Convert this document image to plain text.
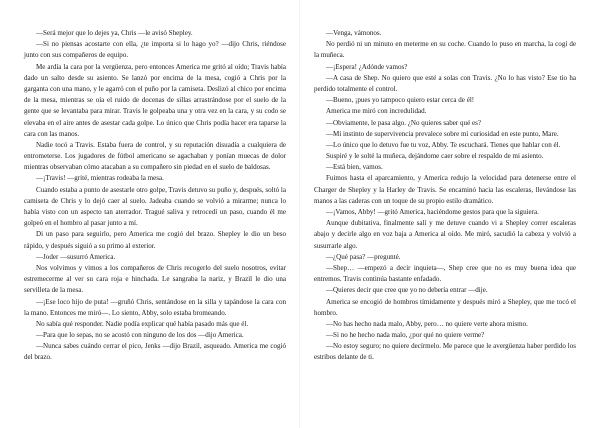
—Será mejor que lo dejes ya, Chris —le avisó Shepley.

—Si no piensas acostarte con ella, ¿te importa si lo hago yo? —dijo Chris, riéndose junto con sus compañeros de equipo.

Me ardía la cara por la vergüenza, pero entonces America me gritó al oído; Travis había dado un salto desde su asiento. Se lanzó por encima de la mesa, cogió a Chris por la garganta con una mano, y le agarró con el puño por la camiseta. Deslizó al chico por encima de la mesa, mientras se oía el ruido de docenas de sillas arrastrándose por el suelo de la gente que se levantaba para mirar. Travis le golpeaba una y otra vez en la cara, y su codo se elevaba en el aire antes de asestar cada golpe. Lo único que Chris podía hacer era taparse la cara con las manos.

Nadie tocó a Travis. Estaba fuera de control, y su reputación disuadía a cualquiera de entrometerse. Los jugadores de fútbol americano se agachaban y ponían muecas de dolor mientras observaban cómo atacaban a su compañero sin piedad en el suelo de baldosas.

—¡Travis! —grité, mientras rodeaba la mesa.

Cuando estaba a punto de asestarle otro golpe, Travis detuvo su puño y, después, soltó la camiseta de Chris y lo dejó caer al suelo. Jadeaba cuando se volvió a mirarme; nunca lo había visto con un aspecto tan aterrador. Tragué saliva y retrocedí un paso, cuando él me golpeó en el hombro al pasar junto a mí.

Di un paso para seguirlo, pero America me cogió del brazo. Shepley le dio un beso rápido, y después siguió a su primo al exterior.

—Joder —susurró America.

Nos volvimos y vimos a los compañeros de Chris recogerlo del suelo nosotros, evitar estremecerme al ver su cara roja e hinchada. Le sangraba la nariz, y Brazil le dio una servilleta de la mesa.

—¡Ese loco hijo de puta! —gruñó Chris, sentándose en la silla y tapándose la cara con la mano. Entonces me miró—. Lo siento, Abby, solo estaba bromeando.

No sabía qué responder. Nadie podía explicar qué había pasado más que él.

—Para que lo sepas, no se acostó con ninguno de los dos —dijo America.

—Nunca sabes cuándo cerrar el pico, Jenks —dijo Brazil, asqueado. America me cogió del brazo.

—Venga, vámonos.

No perdió ni un minuto en meterme en su coche. Cuando lo puso en marcha, la cogí de la muñeca.

—¡Espera! ¿Adónde vamos?

—A casa de Shep. No quiero que esté a solas con Travis. ¿No lo has visto? Ese tío ha perdido totalmente el control.

—Bueno, ¡pues yo tampoco quiero estar cerca de él!

America me miró con incredulidad.

—Obviamente, le pasa algo. ¿No quieres saber qué es?

—Mi instinto de supervivencia prevalece sobre mi curiosidad en este punto, Mare.

—Lo único que lo detuvo fue tu voz, Abby. Te escuchará. Tienes que hablar con él.

Suspiré y le solté la muñeca, dejándome caer sobre el respaldo de mi asiento.

—Está bien, vamos.

Fuimos hasta el aparcamiento, y America redujo la velocidad para detenerse entre el Charger de Shepley y la Harley de Travis. Se encaminó hacia las escaleras, llevándose las manos a las caderas con un toque de su propio estilo dramático.

—¡Vamos, Abby! —gritó America, haciéndome gestos para que la siguiera.

Aunque dubitativa, finalmente salí y me detuve cuando vi a Shepley correr escaleras abajo y decirle algo en voz baja a America al oído. Me miró, sacudió la cabeza y volvió a susurrarle algo.

—¿Qué pasa? —pregunté.

—Shep… —empezó a decir inquieta—, Shep cree que no es muy buena idea que entremos. Travis continúa bastante enfadado.

—Quieres decir que cree que yo no debería entrar —dije.

America se encogió de hombros tímidamente y después miró a Shepley, que me tocó el hombro.

—No has hecho nada malo, Abby, pero… no quiere verte ahora mismo.

—Si no he hecho nada malo, ¿por qué no quiere verme?

—No estoy seguro; no quiere decírmelo. Me parece que le avergüenza haber perdido los estribos delante de ti.
